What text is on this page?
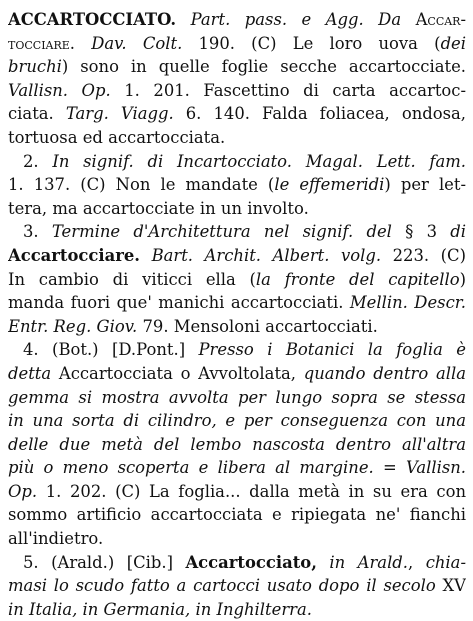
ACCARTOCCIATO. Part. pass. e Agg. Da Accar-
tocciare. Dav. Colt. 190. (C) Le loro uova (dei
bruchi) sono in quelle foglie secche accartocciate.
Vallisn. Op. 1. 201. Fascettino di carta accartoc-
ciata. Targ. Viagg. 6. 140. Falda foliacea, ondosa,
tortuosa ed accartocciata.
2. In signif. di Incartocciato. Magal. Lett. fam.
1. 137. (C) Non le mandate (le effemeridi) per let-
tera, ma accartocciate in un involto.
3. Termine d'Architettura nel signif. del § 3 di
Accartocciare. Bart. Archit. Albert. volg. 223. (C)
In cambio di viticci ella (la fronte del capitello)
manda fuori que' manichi accartocciati. Mellin. Descr.
Entr. Reg. Giov. 79. Mensoloni accartocciati.
4. (Bot.) [D.Pont.] Presso i Botanici la foglia è
detta Accartocciata o Avvoltolata, quando dentro alla
gemma si mostra avvolta per lungo sopra se stessa
in una sorta di cilindro, e per conseguenza con una
delle due metà del lembo nascosta dentro all'altra
più o meno scoperta e libera al margine. = Vallisn.
Op. 1. 202. (C) La foglia... dalla metà in su era con
sommo artificio accartocciata e ripiegata ne' fianchi
all'indietro.
5. (Arald.) [Cib.] Accartocciato, in Arald., chia-
masi lo scudo fatto a cartocci usato dopo il secolo XV
in Italia, in Germania, in Inghilterra.
